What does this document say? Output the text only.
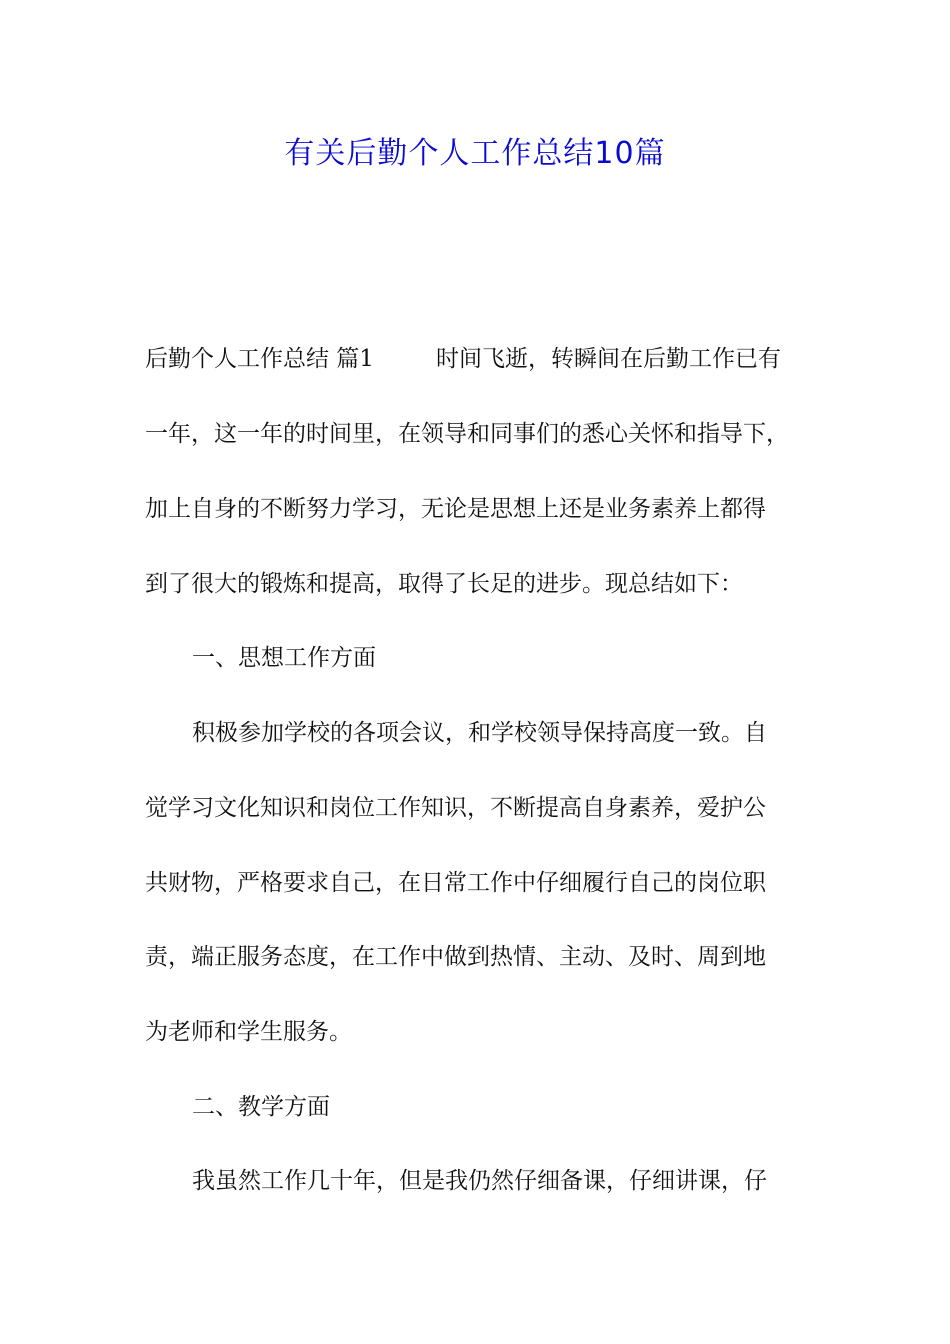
有关后勤个人工作总结10篇
后勤个人工作总结 篇1	时间飞逝，转瞬间在后勤工作已有
一年，这一年的时间里，在领导和同事们的悉心关怀和指导下，
加上自身的不断努力学习，无论是思想上还是业务素养上都得
到了很大的锻炼和提高，取得了长足的进步。现总结如下：
一、思想工作方面
积极参加学校的各项会议，和学校领导保持高度一致。自
觉学习文化知识和岗位工作知识，不断提高自身素养，爱护公
共财物，严格要求自己，在日常工作中仔细履行自己的岗位职
责，端正服务态度，在工作中做到热情、主动、及时、周到地
为老师和学生服务。
二、教学方面
我虽然工作几十年，但是我仍然仔细备课，仔细讲课，仔
